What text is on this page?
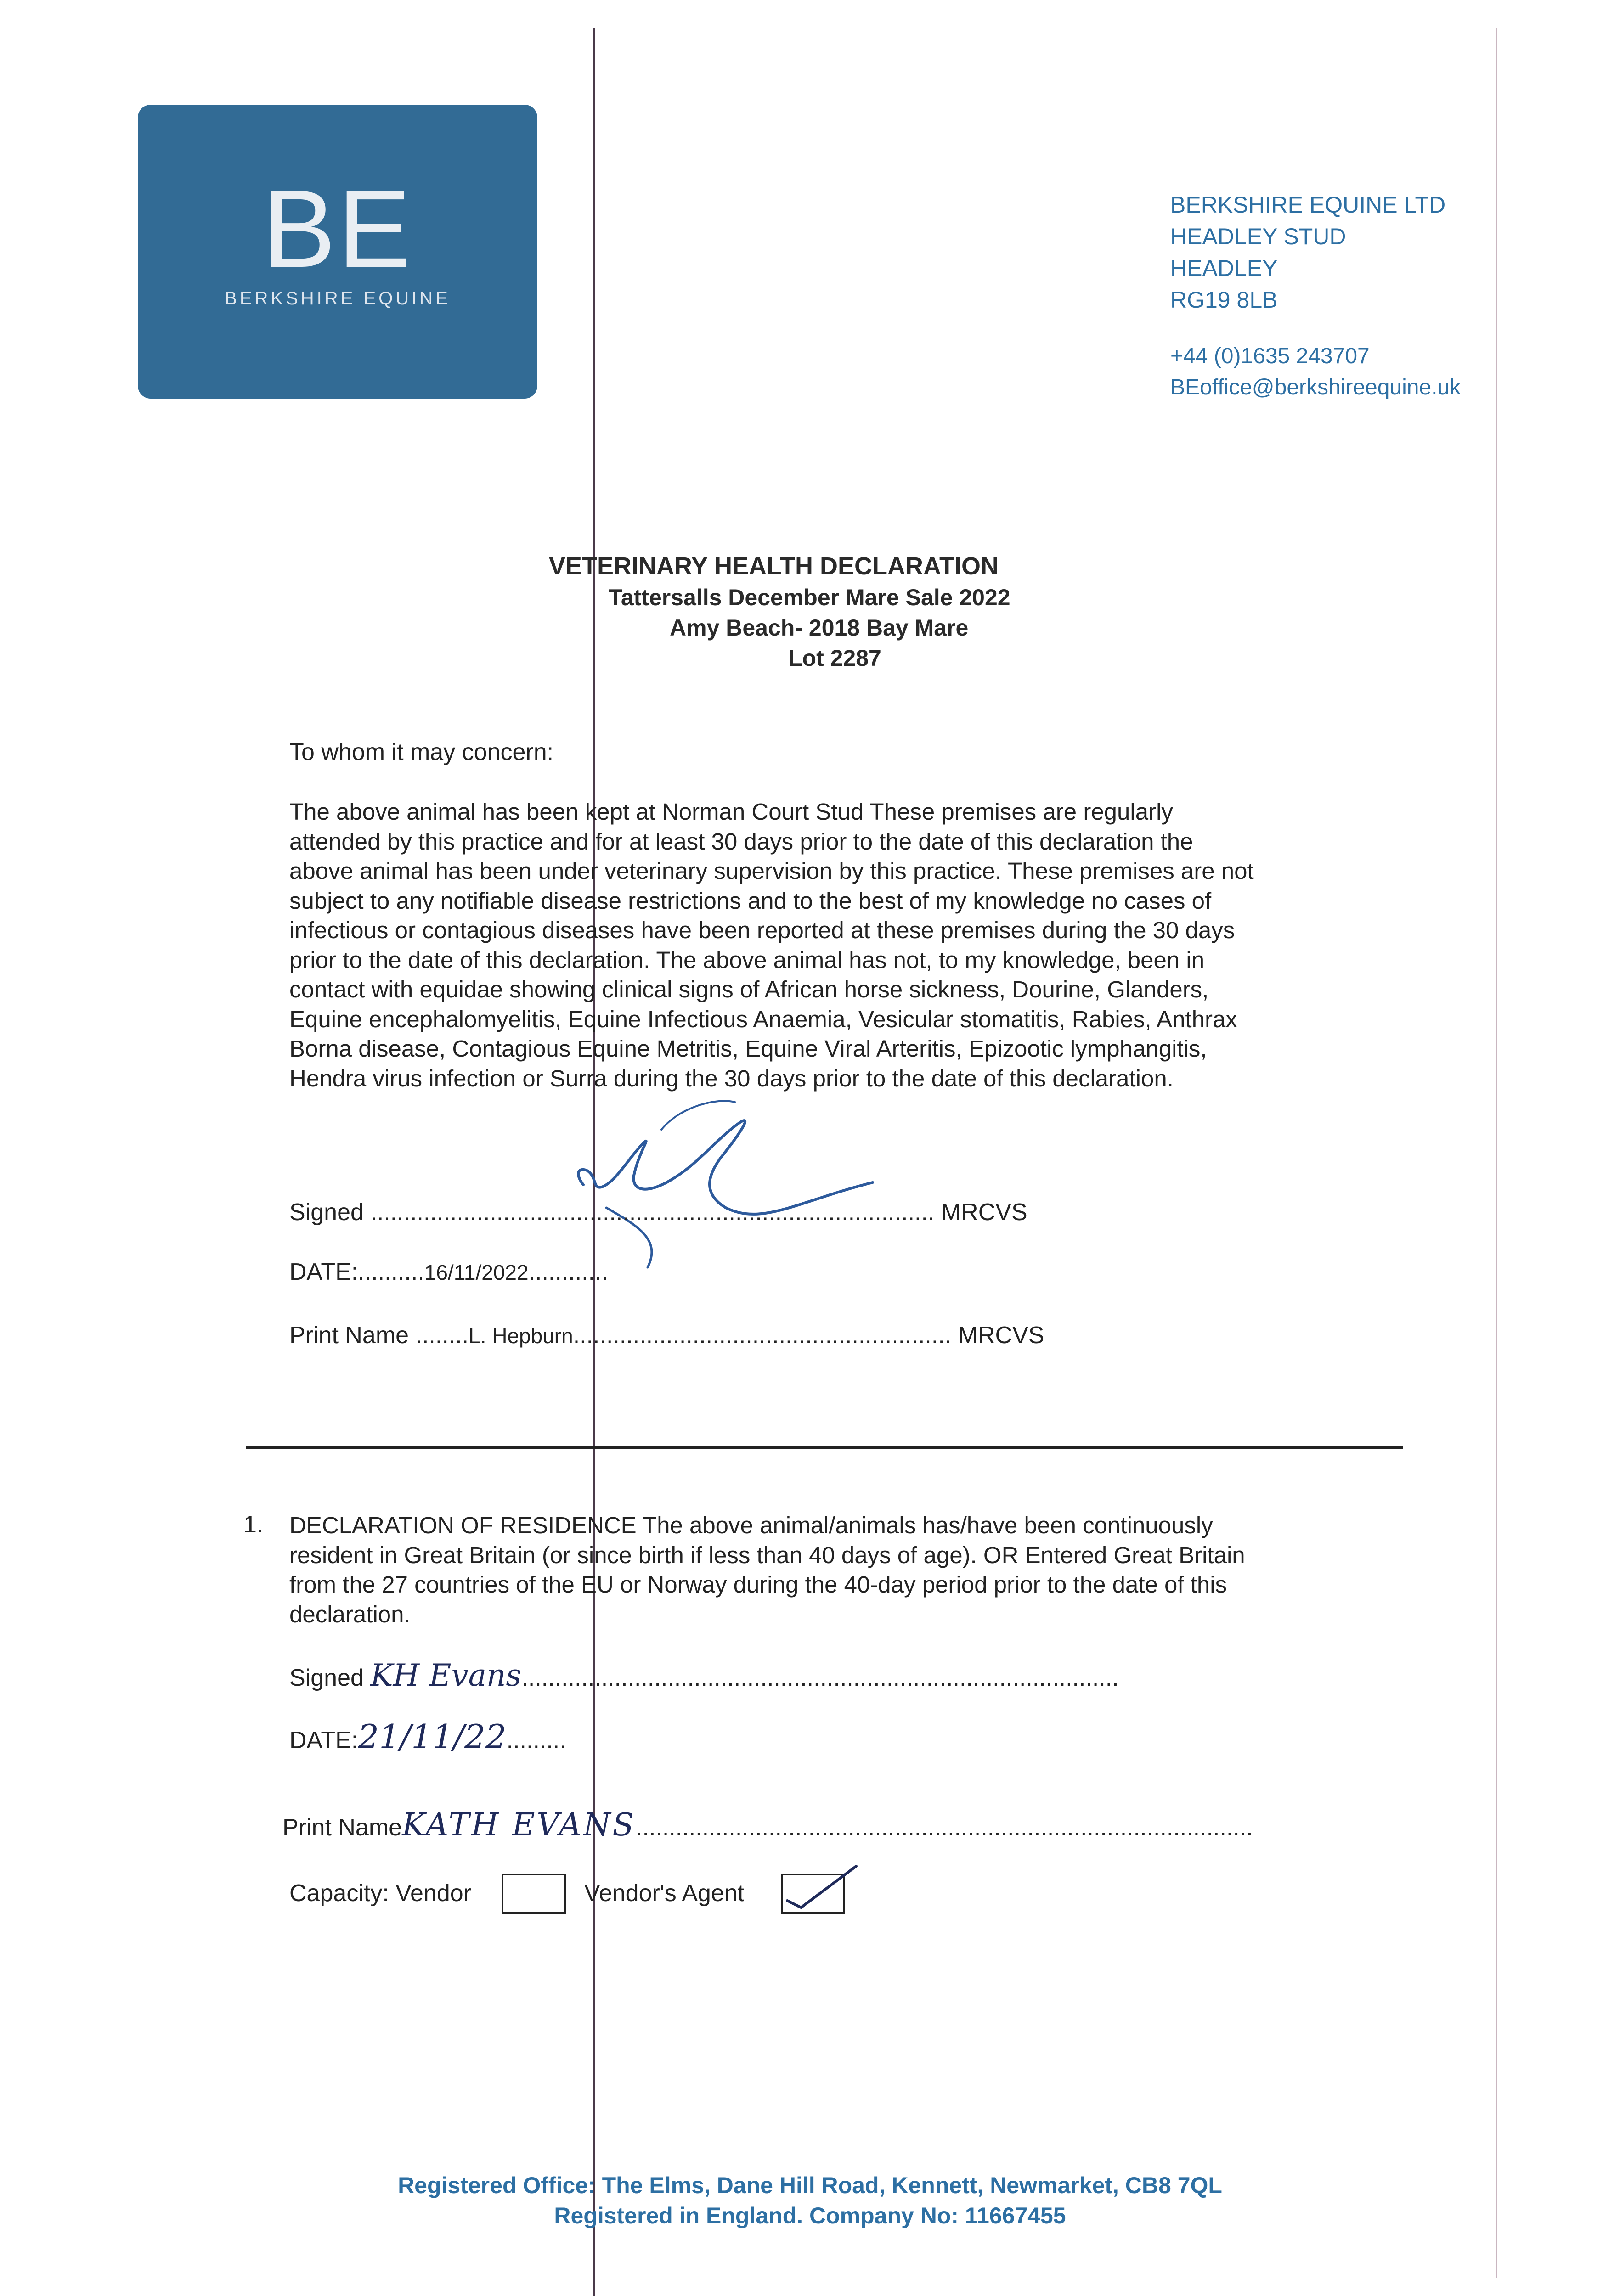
BE
BERKSHIRE EQUINE
BERKSHIRE EQUINE LTD
HEADLEY STUD
HEADLEY
RG19 8LB
+44 (0)1635 243707
BEoffice@berkshireequine.uk
VETERINARY HEALTH DECLARATION
Tattersalls December Mare Sale 2022
Amy Beach- 2018 Bay Mare
Lot 2287
To whom it may concern:
The above animal has been kept at Norman Court Stud These premises are regularly
attended by this practice and for at least 30 days prior to the date of this declaration the
above animal has been under veterinary supervision by this practice. These premises are not
subject to any notifiable disease restrictions and to the best of my knowledge no cases of
infectious or contagious diseases have been reported at these premises during the 30 days
prior to the date of this declaration. The above animal has not, to my knowledge, been in
contact with equidae showing clinical signs of African horse sickness, Dourine, Glanders,
Equine encephalomyelitis, Equine Infectious Anaemia, Vesicular stomatitis, Rabies, Anthrax
Borna disease, Contagious Equine Metritis, Equine Viral Arteritis, Epizootic lymphangitis,
Hendra virus infection or Surra during the 30 days prior to the date of this declaration.
Signed ..................................................................................... MRCVS
DATE:..........16/11/2022............
Print Name ........L. Hepburn......................................................... MRCVS
1. DECLARATION OF RESIDENCE The above animal/animals has/have been continuously
resident in Great Britain (or since birth if less than 40 days of age). OR Entered Great Britain
from the 27 countries of the EU or Norway during the 40-day period prior to the date of this
declaration.
Signed KH Evans..........................................................................................
DATE:21/11/22.........
Print NameKATH EVANS.............................................................................................
Capacity: Vendor	Vendor's Agent
Registered Office: The Elms, Dane Hill Road, Kennett, Newmarket, CB8 7QL
Registered in England. Company No: 11667455
